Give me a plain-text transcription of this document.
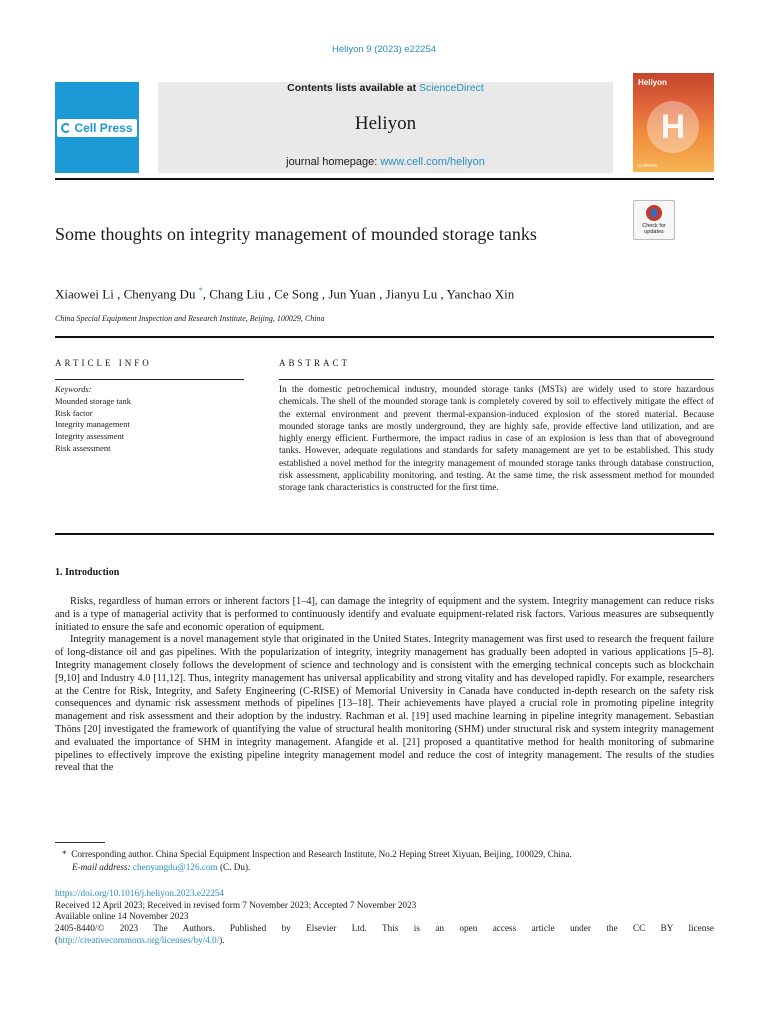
Heliyon 9 (2023) e22254
Cell Press
Contents lists available at ScienceDirect
Heliyon
journal homepage: www.cell.com/heliyon
Heliyon
H
CellPress
Check for
updates
Some thoughts on integrity management of mounded storage tanks
Xiaowei Li , Chenyang Du *, Chang Liu , Ce Song , Jun Yuan , Jianyu Lu , Yanchao Xin
China Special Equipment Inspection and Research Institute, Beijing, 100029, China
ARTICLE INFO
Keywords:
Mounded storage tank
Risk factor
Integrity management
Integrity assessment
Risk assessment
ABSTRACT
In the domestic petrochemical industry, mounded storage tanks (MSTs) are widely used to store hazardous chemicals. The shell of the mounded storage tank is completely covered by soil to effectively mitigate the effect of the external environment and prevent thermal-expansion-induced explosion of the stored material. Because mounded storage tanks are mostly underground, they are highly safe, provide effective land utilization, and are highly energy efficient. Furthermore, the impact radius in case of an explosion is less than that of aboveground tanks. However, adequate regulations and standards for safety management are yet to be established. This study established a novel method for the integrity management of mounded storage tanks through database construction, risk assessment, applicability monitoring, and testing. At the same time, the risk assessment method for mounded storage tank characteristics is constructed for the first time.
1. Introduction

Risks, regardless of human errors or inherent factors [1–4], can damage the integrity of equipment and the system. Integrity management can reduce risks and is a type of managerial activity that is performed to continuously identify and evaluate equipment-related risk factors. Various measures are subsequently initiated to ensure the safe and economic operation of equipment.

Integrity management is a novel management style that originated in the United States. Integrity management was first used to research the frequent failure of long-distance oil and gas pipelines. With the popularization of integrity, integrity management has gradually been adopted in various applications [5–8]. Integrity management closely follows the development of science and technology and is consistent with the emerging technical concepts such as blockchain [9,10] and Industry 4.0 [11,12]. Thus, integrity management has universal applicability and strong vitality and has developed rapidly. For example, researchers at the Centre for Risk, Integrity, and Safety Engineering (C-RISE) of Memorial University in Canada have conducted in-depth research on the safety risk consequences and dynamic risk assessment methods of pipelines [13–18]. Their achievements have played a crucial role in promoting pipeline integrity management and risk assessment and their adoption by the industry. Rachman et al. [19] used machine learning in pipeline integrity management. Sebastian Thöns [20] investigated the framework of quantifying the value of structural health monitoring (SHM) under structural risk and system integrity management and evaluated the importance of SHM in integrity management. Afangide et al. [21] proposed a quantitative method for health monitoring of submarine pipelines to effectively improve the existing pipeline integrity management model and reduce the cost of integrity management. The results of the studies reveal that the

* Corresponding author. China Special Equipment Inspection and Research Institute, No.2 Heping Street Xiyuan, Beijing, 100029, China.
E-mail address: chenyangdu@126.com (C. Du).
https://doi.org/10.1016/j.heliyon.2023.e22254
Received 12 April 2023; Received in revised form 7 November 2023; Accepted 7 November 2023
Available online 14 November 2023
2405-8440/© 2023 The Authors. Published by Elsevier Ltd. This is an open access article under the CC BY license
(http://creativecommons.org/licenses/by/4.0/).
